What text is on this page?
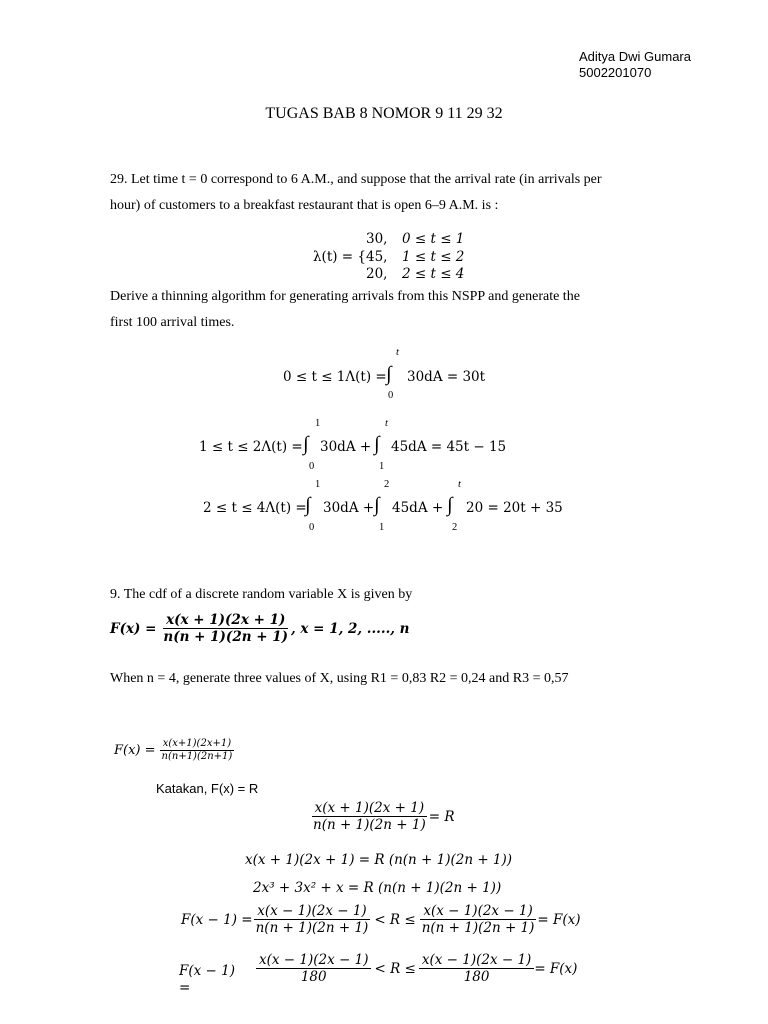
Aditya Dwi Gumara
5002201070
TUGAS BAB 8 NOMOR 9 11 29 32
29. Let time t = 0 correspond to 6 A.M., and suppose that the arrival rate (in arrivals per
hour) of customers to a breakfast restaurant that is open 6–9 A.M. is :
λ(t) = {
30, 0 ≤ t ≤ 1
45, 1 ≤ t ≤ 2
20, 2 ≤ t ≤ 4
Derive a thinning algorithm for generating arrivals from this NSPP and generate the
first 100 arrival times.
0 ≤ t ≤ 1Λ(t) =
t
∫
0
30dA = 30t
1 ≤ t ≤ 2Λ(t) =
1
∫
0
30dA +
t
∫
1
45dA = 45t − 15
2 ≤ t ≤ 4Λ(t) =
1
∫
0
30dA +
2
∫
1
45dA +
t
∫
2
20 = 20t + 35
9. The cdf of a discrete random variable X is given by
$F(x) = \frac{x(x + 1)(2x + 1)}{n(n + 1)(2n + 1)}$ , x = 1, 2, ....., n
When n = 4, generate three values of X, using R1 = 0,83 R2 = 0,24 and R3 = 0,57
$F(x) = \frac{x(x+1)(2x+1)}{n(n+1)(2n+1)}$
Katakan, F(x) = R
$\frac{x(x + 1)(2x + 1)}{n(n + 1)(2n + 1)} = R$
x(x + 1)(2x + 1) = R (n(n + 1)(2n + 1))
2x³ + 3x² + x = R (n(n + 1)(2n + 1))
$F(x - 1) = \frac{x(x - 1)(2x - 1)}{n(n + 1)(2n + 1)} < R \le \frac{x(x - 1)(2x - 1)}{n(n + 1)(2n + 1)} = F(x)$
F(x − 1)
=
$\frac{x(x - 1)(2x - 1)}{180} < R \le \frac{x(x - 1)(2x - 1)}{180} = F(x)$
